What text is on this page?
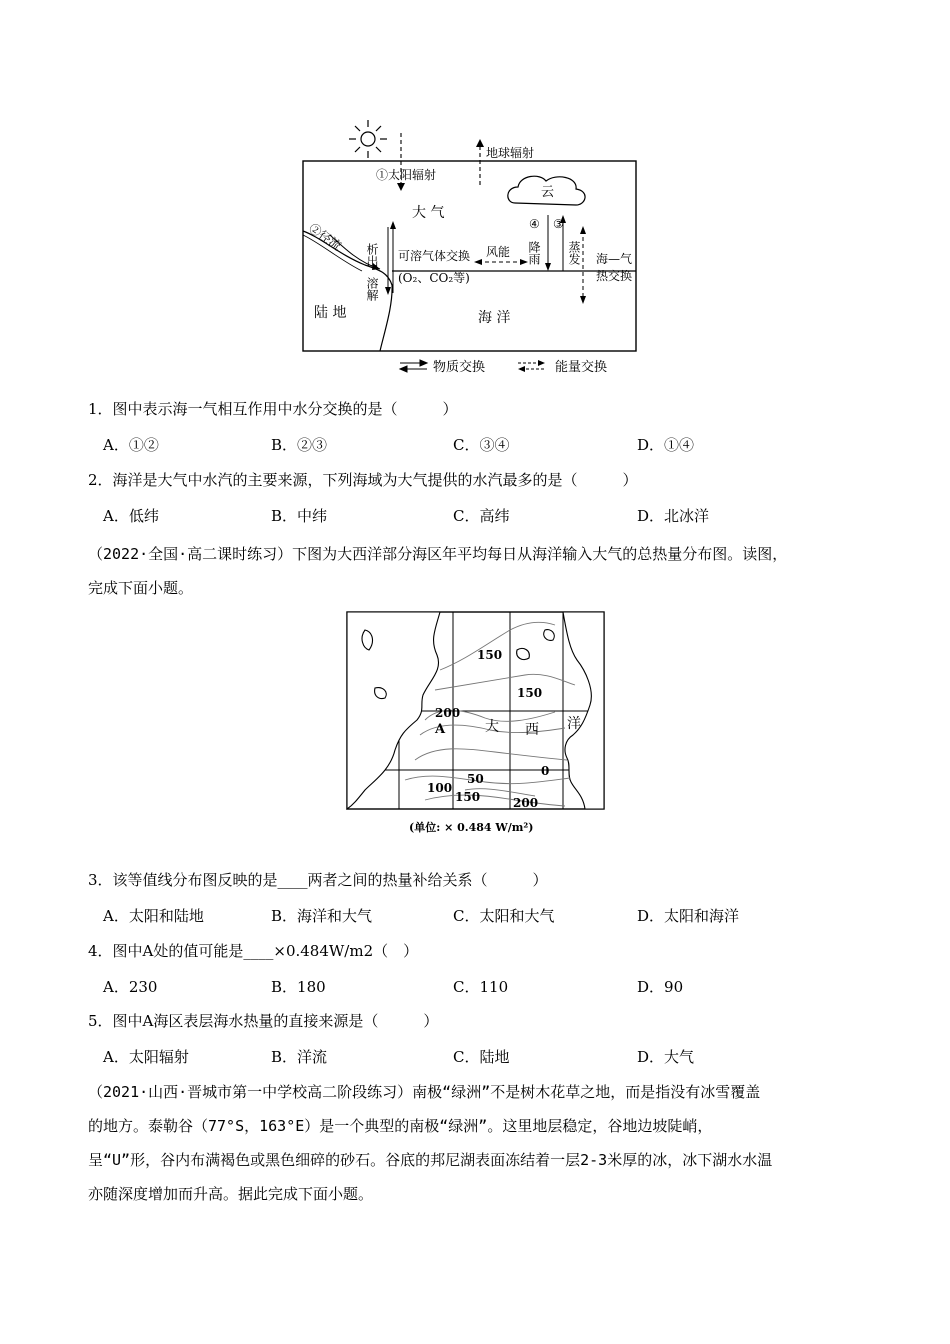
地球辐射
①太阳辐射
云
大 气
②径流
析出
溶解
可溶气体交换
(O₂、CO₂等)
风能
④
降雨
③
蒸发 海—气
热交换
陆 地	海 洋
物质交换	能量交换
1．图中表示海一气相互作用中水分交换的是（　　　）
A．①②	B．②③	C．③④	D．①④
2．海洋是大气中水汽的主要来源，下列海域为大气提供的水汽最多的是（　　　）
A．低纬	B．中纬	C．高纬	D．北冰洋
（2022·全国·高二课时练习）下图为大西洋部分海区年平均每日从海洋输入大气的总热量分布图。读图，
完成下面小题。
150
150
200
0
50
100
150	200
A	大 西 洋
(单位: × 0.484 W/m²)
3．该等值线分布图反映的是____两者之间的热量补给关系（　　　）
A．太阳和陆地	B．海洋和大气	C．太阳和大气	D．太阳和海洋
4．图中A处的值可能是____×0.484W/m2（　）
A．230	B．180	C．110	D．90
5．图中A海区表层海水热量的直接来源是（　　　）
A．太阳辐射	B．洋流	C．陆地	D．大气
（2021·山西·晋城市第一中学校高二阶段练习）南极“绿洲”不是树木花草之地，而是指没有冰雪覆盖
的地方。泰勒谷（77°S，163°E）是一个典型的南极“绿洲”。这里地层稳定，谷地边坡陡峭，
呈“U”形，谷内布满褐色或黑色细碎的砂石。谷底的邦尼湖表面冻结着一层2-3米厚的冰，冰下湖水水温
亦随深度增加而升高。据此完成下面小题。
